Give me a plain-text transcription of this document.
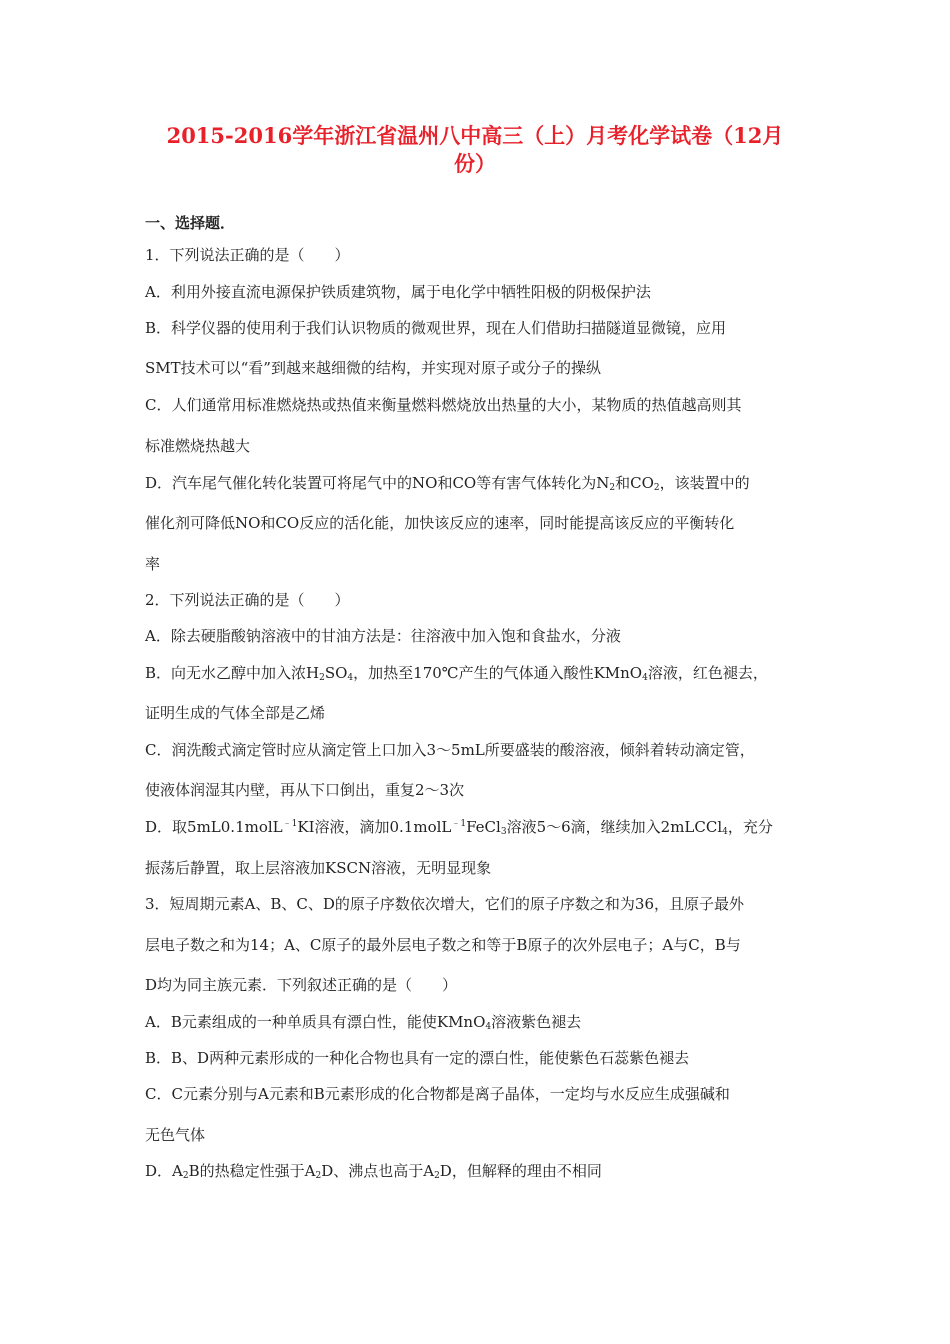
2015-2016学年浙江省温州八中高三（上）月考化学试卷（12月
份）
一、选择题．
1．下列说法正确的是（　　）
A．利用外接直流电源保护铁质建筑物，属于电化学中牺牲阳极的阴极保护法
B．科学仪器的使用利于我们认识物质的微观世界，现在人们借助扫描隧道显微镜，应用
SMT技术可以“看”到越来越细微的结构，并实现对原子或分子的操纵
C．人们通常用标准燃烧热或热值来衡量燃料燃烧放出热量的大小，某物质的热值越高则其
标准燃烧热越大
D．汽车尾气催化转化装置可将尾气中的NO和CO等有害气体转化为$N_2$和$CO_2$，该装置中的
催化剂可降低NO和CO反应的活化能，加快该反应的速率，同时能提高该反应的平衡转化
率
2．下列说法正确的是（　　）
A．除去硬脂酸钠溶液中的甘油方法是：往溶液中加入饱和食盐水，分液
B．向无水乙醇中加入浓$H_2SO_4$，加热至170℃产生的气体通入酸性KMnO$_4$溶液，红色褪去，
证明生成的气体全部是乙烯
C．润洗酸式滴定管时应从滴定管上口加入3～5mL所要盛装的酸溶液，倾斜着转动滴定管，
使液体润湿其内壁，再从下口倒出，重复2～3次
D．取5mL0.1molL$^{﹣1}$KI溶液，滴加0.1molL$^{﹣1}$FeCl$_3$溶液5～6滴，继续加入2mLCCl$_4$，充分
振荡后静置，取上层溶液加KSCN溶液，无明显现象
3．短周期元素A、B、C、D的原子序数依次增大，它们的原子序数之和为36，且原子最外
层电子数之和为14；A、C原子的最外层电子数之和等于B原子的次外层电子；A与C，B与
D均为同主族元素．下列叙述正确的是（　　）
A．B元素组成的一种单质具有漂白性，能使KMnO$_4$溶液紫色褪去
B．B、D两种元素形成的一种化合物也具有一定的漂白性，能使紫色石蕊紫色褪去
C．C元素分别与A元素和B元素形成的化合物都是离子晶体，一定均与水反应生成强碱和
无色气体
D．$A_2B$的热稳定性强于$A_2D$、沸点也高于$A_2D$，但解释的理由不相同
